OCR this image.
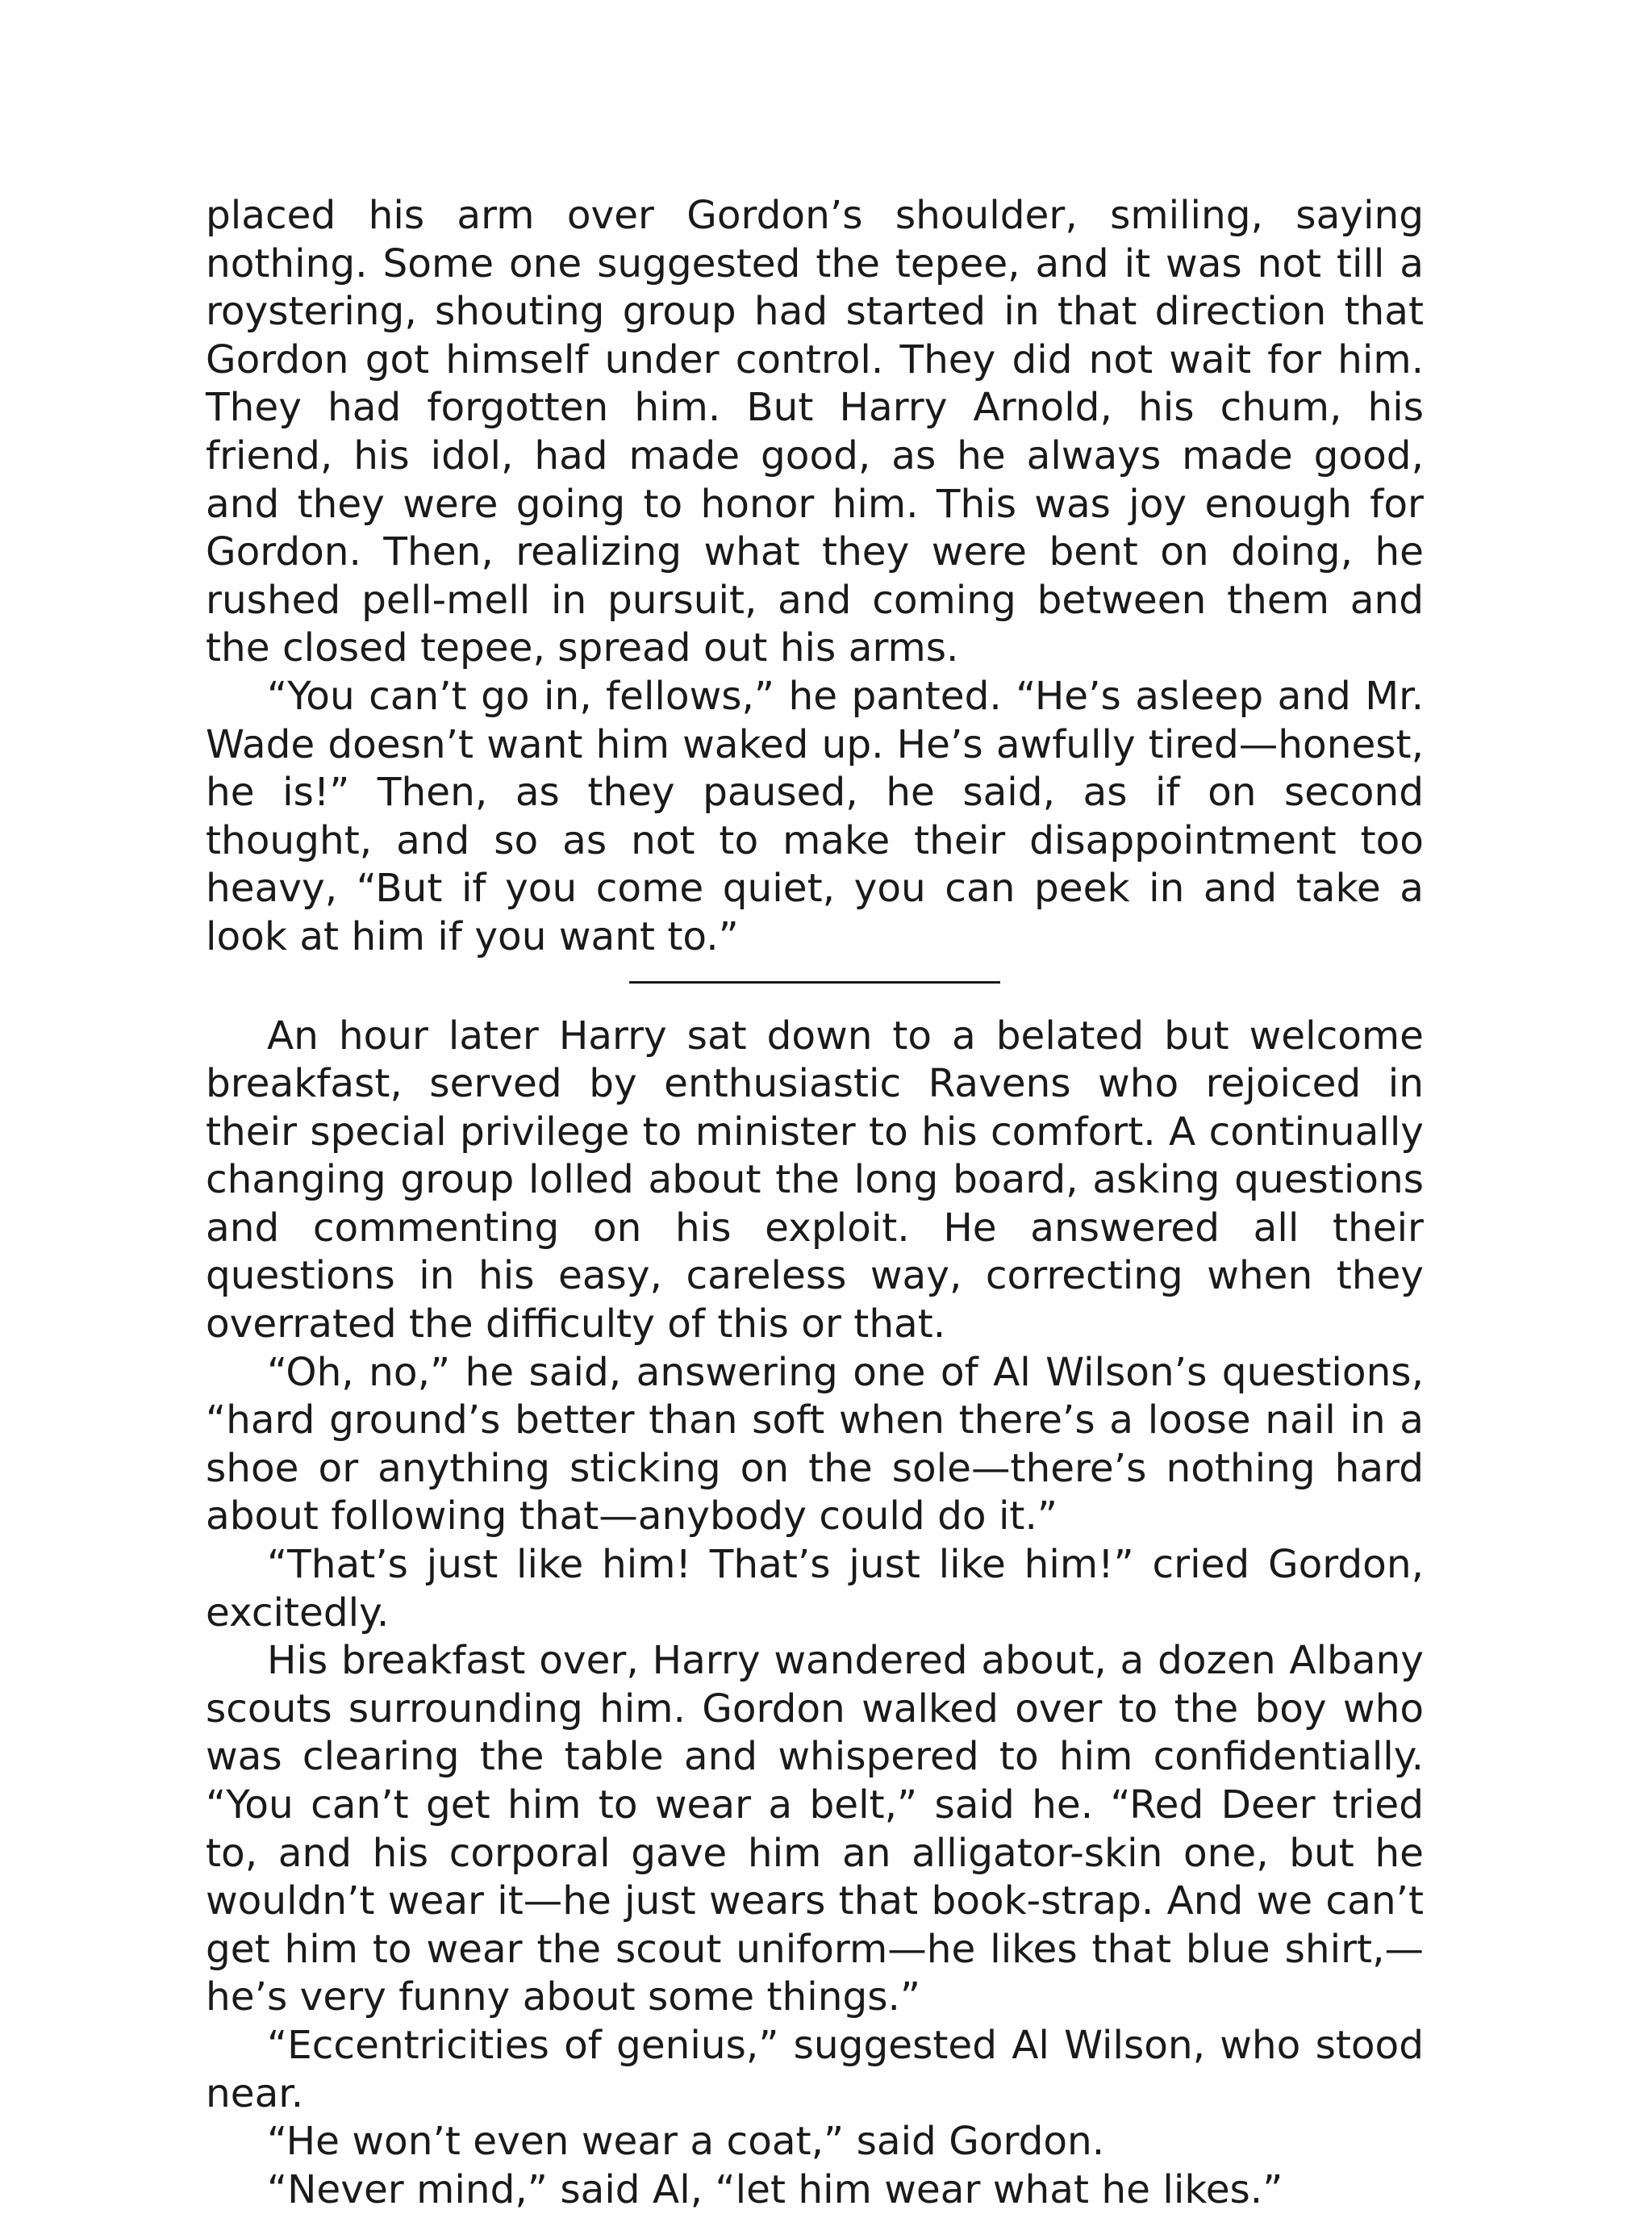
placed his arm over Gordon’s shoulder, smiling, saying nothing. Some one suggested the tepee, and it was not till a roystering, shouting group had started in that direction that Gordon got himself under control. They did not wait for him. They had forgotten him. But Harry Arnold, his chum, his friend, his idol, had made good, as he always made good, and they were going to honor him. This was joy enough for Gordon. Then, realizing what they were bent on doing, he rushed pell-mell in pursuit, and coming between them and the closed tepee, spread out his arms.

“You can’t go in, fellows,” he panted. “He’s asleep and Mr. Wade doesn’t want him waked up. He’s awfully tired—honest, he is!” Then, as they paused, he said, as if on second thought, and so as not to make their disappointment too heavy, “But if you come quiet, you can peek in and take a look at him if you want to.”

An hour later Harry sat down to a belated but welcome breakfast, served by enthusiastic Ravens who rejoiced in their special privilege to minister to his comfort. A continually changing group lolled about the long board, asking questions and commenting on his exploit. He answered all their questions in his easy, careless way, correcting when they overrated the difficulty of this or that.

“Oh, no,” he said, answering one of Al Wilson’s questions, “hard ground’s better than soft when there’s a loose nail in a shoe or anything sticking on the sole—there’s nothing hard about following that—anybody could do it.”

“That’s just like him! That’s just like him!” cried Gordon, excitedly.

His breakfast over, Harry wandered about, a dozen Albany scouts surrounding him. Gordon walked over to the boy who was clearing the table and whispered to him confidentially. “You can’t get him to wear a belt,” said he. “Red Deer tried to, and his corporal gave him an alligator-skin one, but he wouldn’t wear it—he just wears that book-strap. And we can’t get him to wear the scout uniform—he likes that blue shirt,—he’s very funny about some things.”

“Eccentricities of genius,” suggested Al Wilson, who stood near.

“He won’t even wear a coat,” said Gordon.

“Never mind,” said Al, “let him wear what he likes.”
